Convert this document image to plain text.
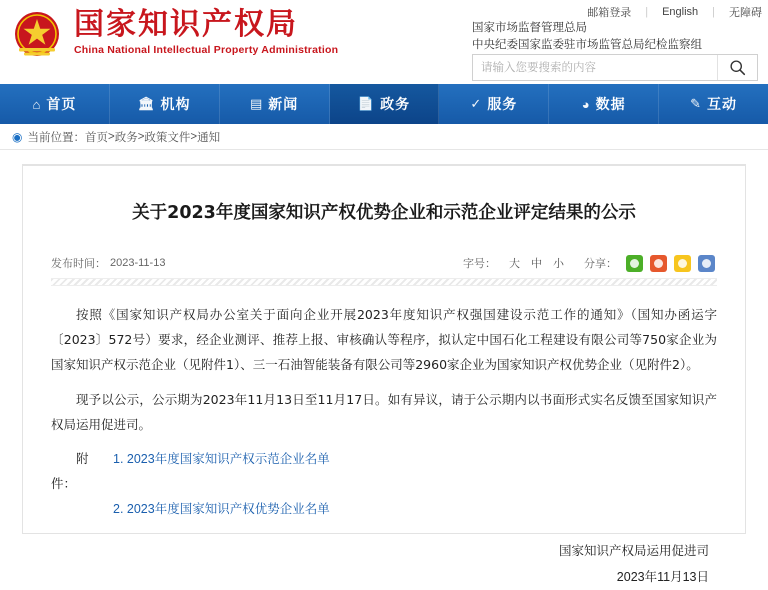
邮箱登录 | English | 无障碍
国家知识产权局
China National Intellectual Property Administration
国家市场监督管理总局
中央纪委国家监委驻市场监管总局纪检监察组
请输入您要搜索的内容
⌂ 首页	🏛 机构	▤ 新闻	📄 政务	✓ 服务	◕ 数据	✎ 互动
◉ 当前位置： 首页 > 政务 > 政策文件 > 通知
关于2023年度国家知识产权优势企业和示范企业评定结果的公示
发布时间： 2023-11-13	字号： 大 中 小 分享：

按照《国家知识产权局办公室关于面向企业开展2023年度知识产权强国建设示范工作的通知》（国知办函运字〔2023〕572号）要求，经企业测评、推荐上报、审核确认等程序，拟认定中国石化工程建设有限公司等750家企业为国家知识产权示范企业（见附件1）、三一石油智能装备有限公司等2960家企业为国家知识产权优势企业（见附件2）。

现予以公示，公示期为2023年11月13日至11月17日。如有异议，请于公示期内以书面形式实名反馈至国家知识产权局运用促进司。

附件：
1. 2023年度国家知识产权示范企业名单
2. 2023年度国家知识产权优势企业名单
国家知识产权局运用促进司
2023年11月13日
